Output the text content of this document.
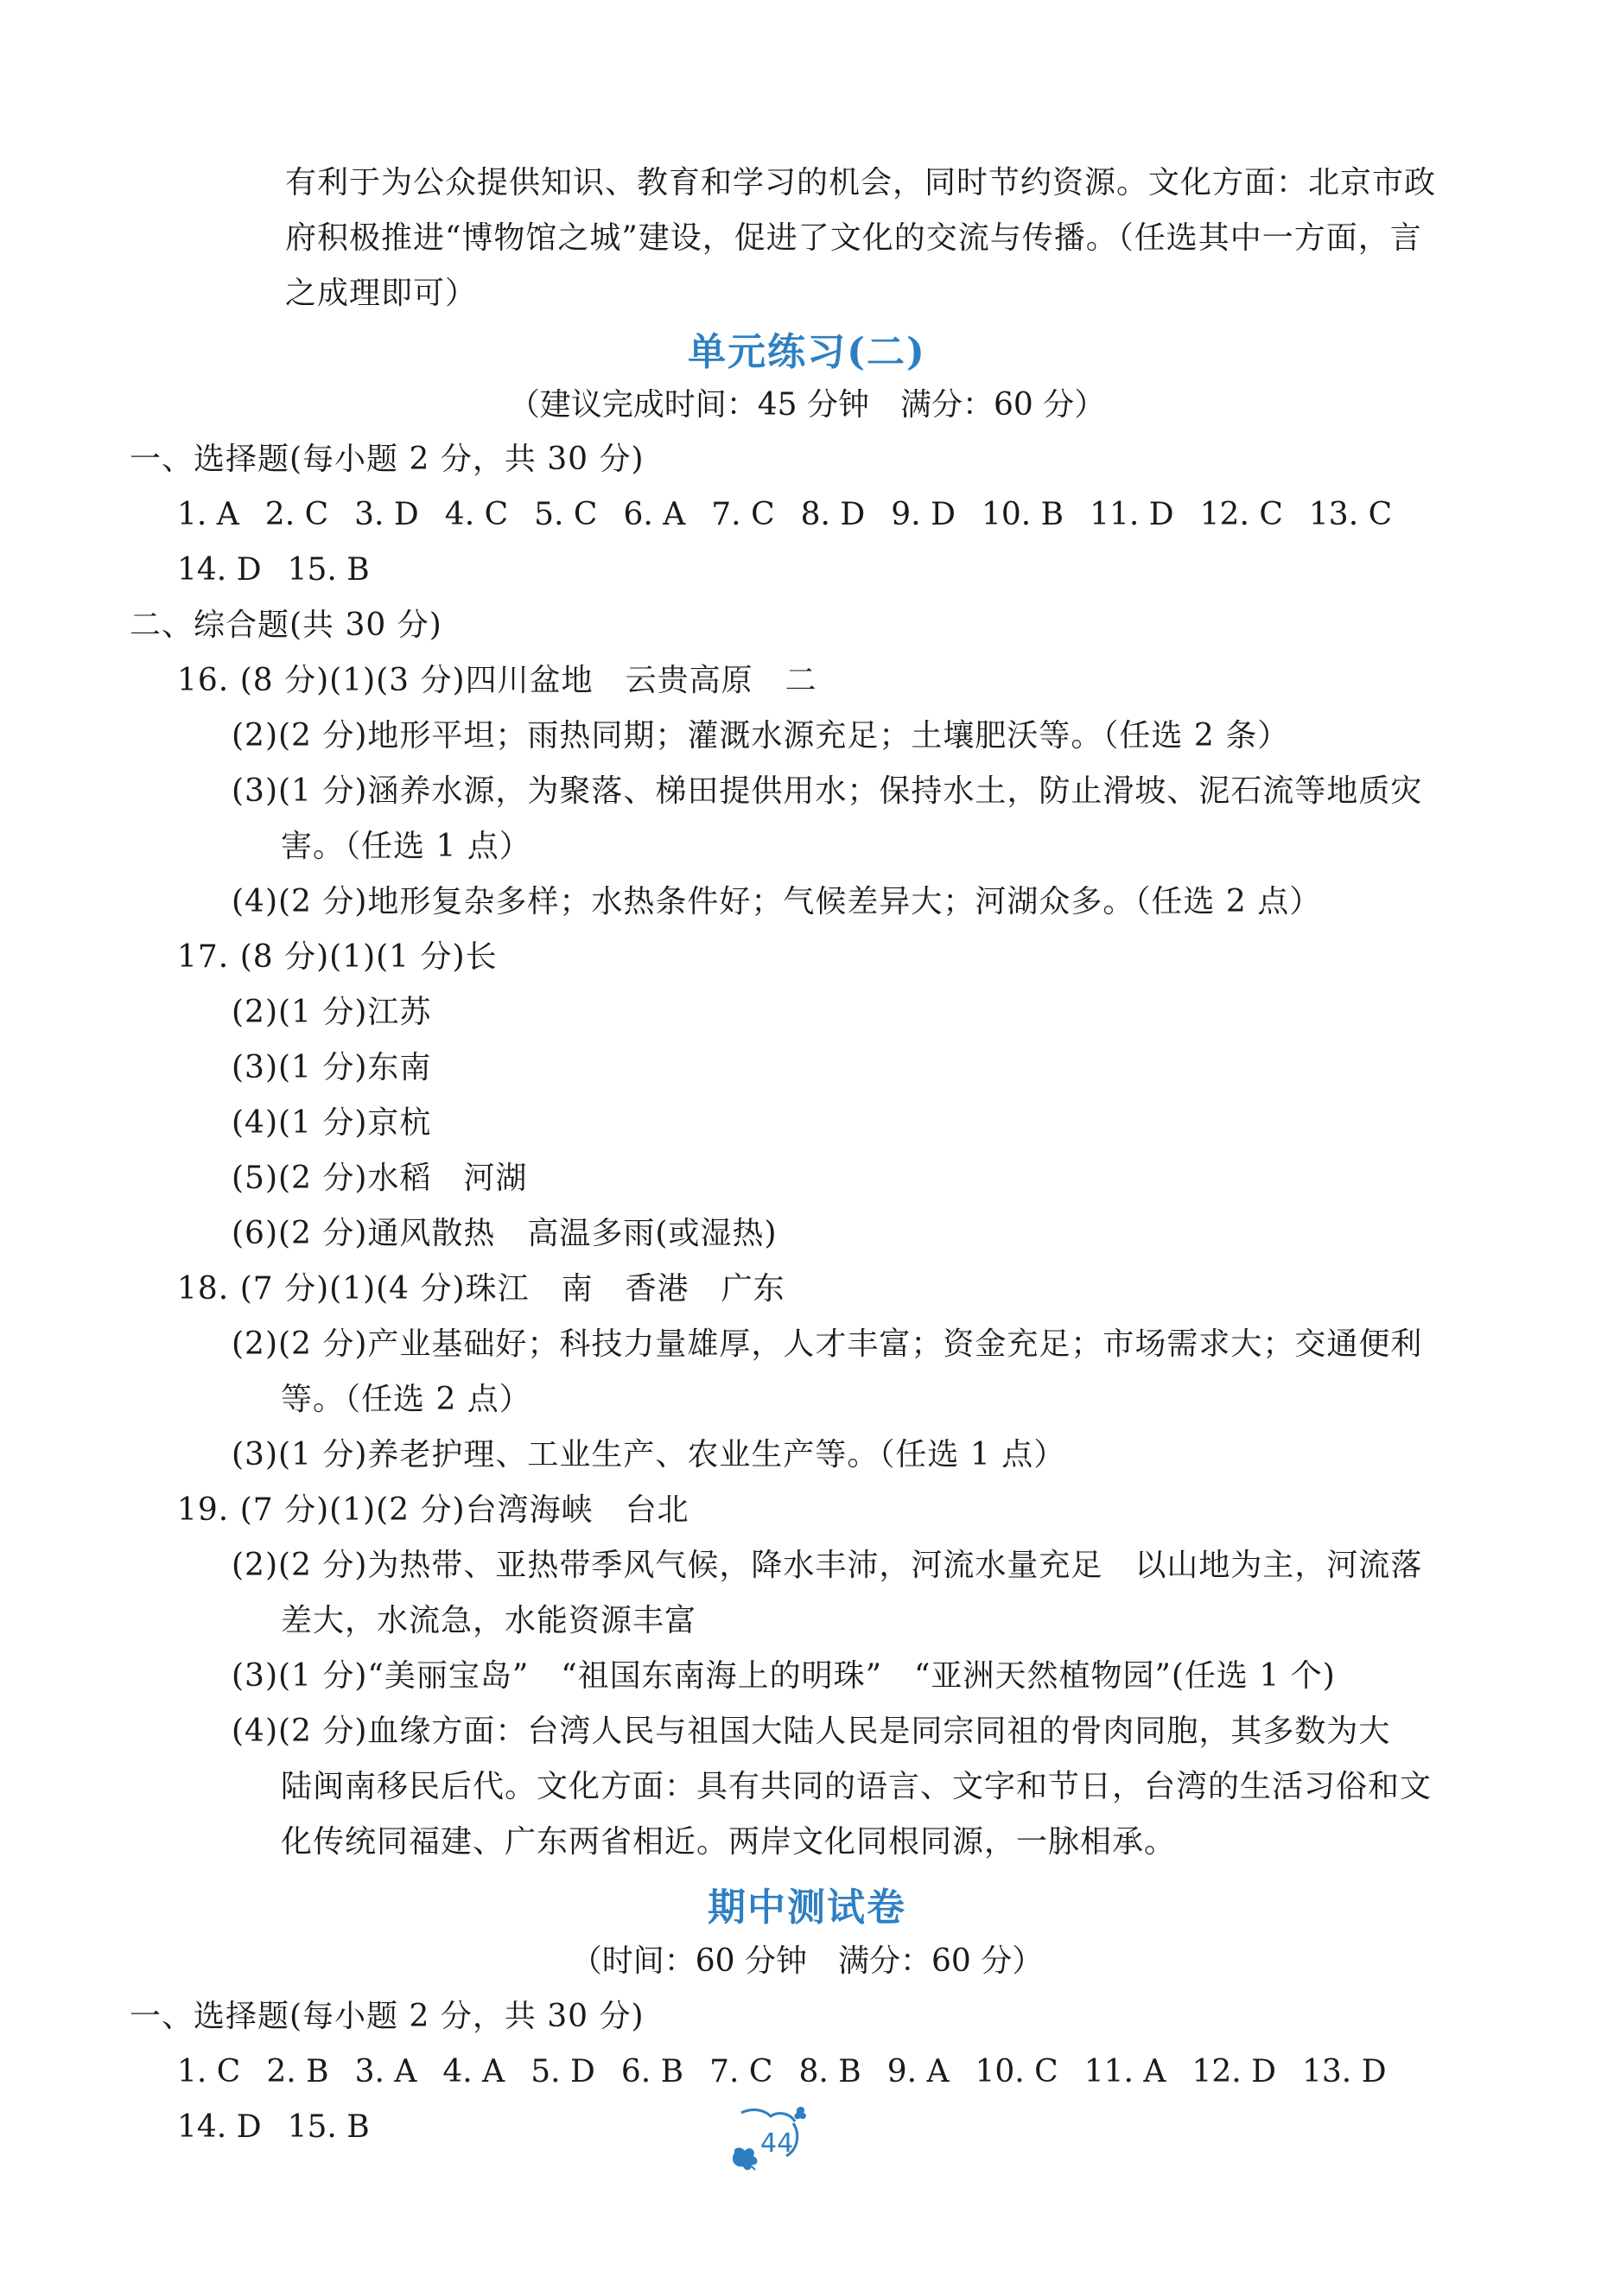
有利于为公众提供知识、教育和学习的机会，同时节约资源。文化方面：北京市政
府积极推进“博物馆之城”建设，促进了文化的交流与传播。（任选其中一方面，言
之成理即可）
单元练习(二)
（建议完成时间：45 分钟　满分：60 分）
一、选择题(每小题 2 分，共 30 分)
1. A 2. C 3. D 4. C 5. C 6. A 7. C 8. D 9. D 10. B 11. D 12. C 13. C
14. D 15. B
二、综合题(共 30 分)
16. (8 分)(1)(3 分)四川盆地　云贵高原　二
(2)(2 分)地形平坦；雨热同期；灌溉水源充足；土壤肥沃等。（任选 2 条）
(3)(1 分)涵养水源，为聚落、梯田提供用水；保持水土，防止滑坡、泥石流等地质灾
害。（任选 1 点）
(4)(2 分)地形复杂多样；水热条件好；气候差异大；河湖众多。（任选 2 点）
17. (8 分)(1)(1 分)长
(2)(1 分)江苏
(3)(1 分)东南
(4)(1 分)京杭
(5)(2 分)水稻　河湖
(6)(2 分)通风散热　高温多雨(或湿热)
18. (7 分)(1)(4 分)珠江　南　香港　广东
(2)(2 分)产业基础好；科技力量雄厚，人才丰富；资金充足；市场需求大；交通便利
等。（任选 2 点）
(3)(1 分)养老护理、工业生产、农业生产等。（任选 1 点）
19. (7 分)(1)(2 分)台湾海峡　台北
(2)(2 分)为热带、亚热带季风气候，降水丰沛，河流水量充足　以山地为主，河流落
差大，水流急，水能资源丰富
(3)(1 分)“美丽宝岛”　“祖国东南海上的明珠”　“亚洲天然植物园”(任选 1 个)
(4)(2 分)血缘方面：台湾人民与祖国大陆人民是同宗同祖的骨肉同胞，其多数为大
陆闽南移民后代。文化方面：具有共同的语言、文字和节日，台湾的生活习俗和文
化传统同福建、广东两省相近。两岸文化同根同源，一脉相承。
期中测试卷
（时间：60 分钟　满分：60 分）
一、选择题(每小题 2 分，共 30 分)
1. C 2. B 3. A 4. A 5. D 6. B 7. C 8. B 9. A 10. C 11. A 12. D 13. D
14. D 15. B	44
